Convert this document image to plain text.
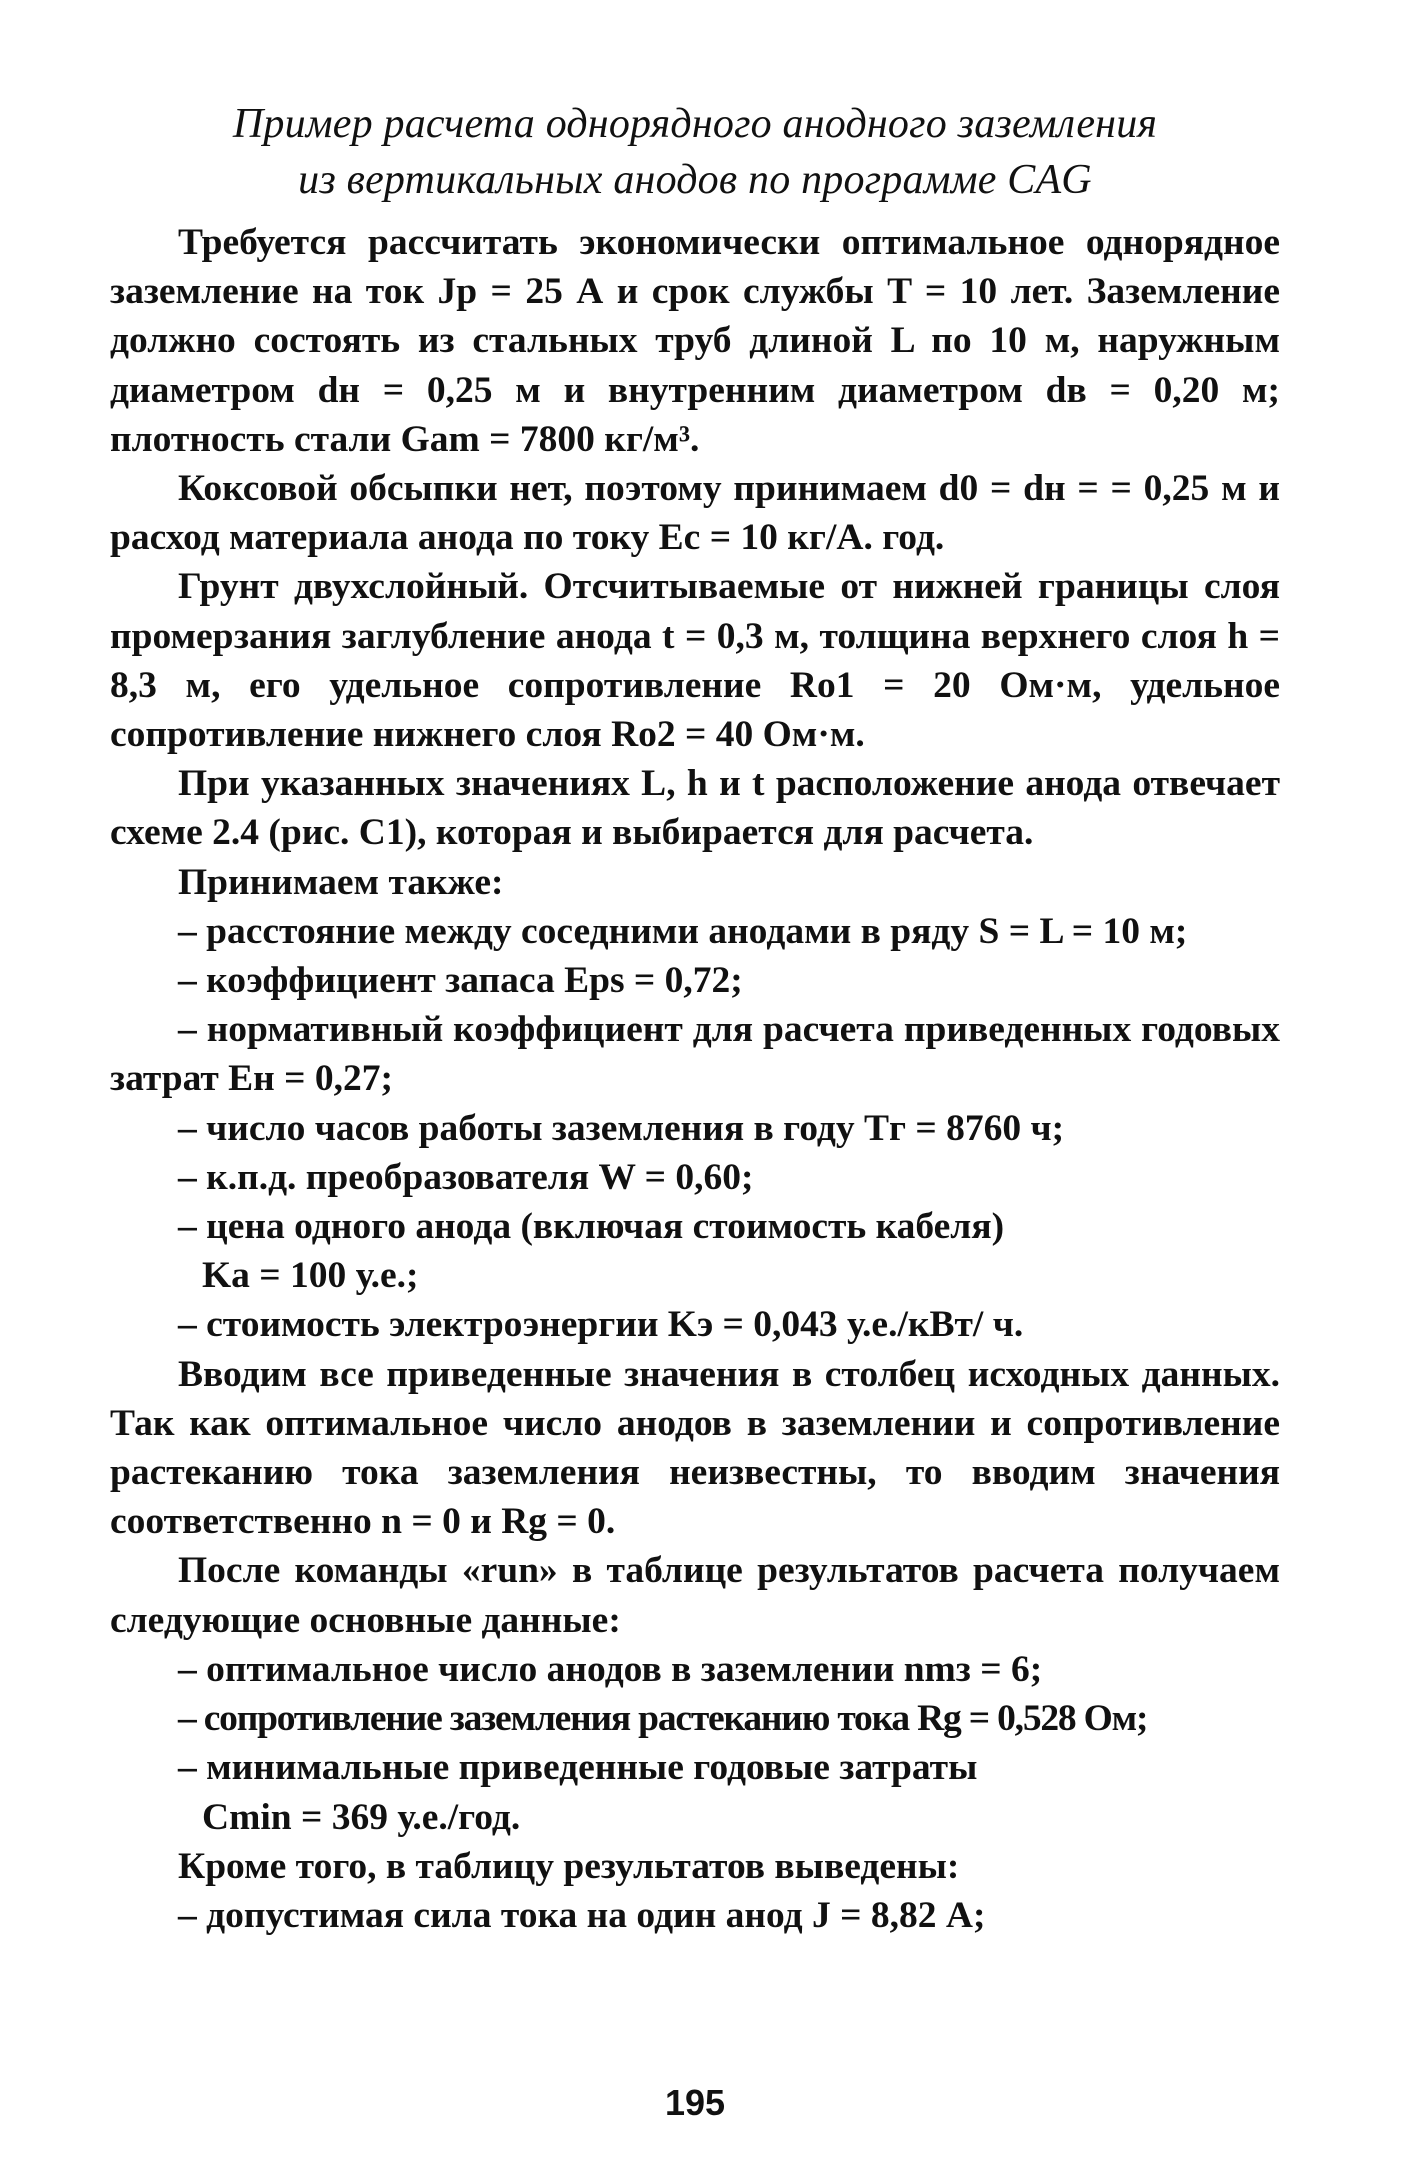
Пример расчета однорядного анодного заземления
из вертикальных анодов по программе CAG

Требуется рассчитать экономически оптимальное однорядное заземление на ток Jp = 25 А и срок службы T = 10 лет. Заземление должно состоять из стальных труб длиной L по 10 м, наружным диаметром dн = 0,25 м и внутренним диаметром dв = 0,20 м; плотность стали Gam = 7800 кг/м³.

Коксовой обсыпки нет, поэтому принимаем d0 = dн = = 0,25 м и расход материала анода по току Ec = 10 кг/А. год.

Грунт двухслойный. Отсчитываемые от нижней границы слоя промерзания заглубление анода t = 0,3 м, толщина верхнего слоя h = 8,3 м, его удельное сопротивление Ro1 = 20 Ом·м, удельное сопротивление нижнего слоя Ro2 = 40 Ом·м.

При указанных значениях L, h и t расположение анода отвечает схеме 2.4 (рис. С1), которая и выбирается для расчета.

Принимаем также:

– расстояние между соседними анодами в ряду S = L = 10 м;

– коэффициент запаса Eps = 0,72;

– нормативный коэффициент для расчета приведенных годовых затрат Eн = 0,27;

– число часов работы заземления в году Tг = 8760 ч;

– к.п.д. преобразователя W = 0,60;

– цена одного анода (включая стоимость кабеля)

Ka = 100 у.е.;

– стоимость электроэнергии Kэ = 0,043 у.е./кВт/ ч.

Вводим все приведенные значения в столбец исходных данных. Так как оптимальное число анодов в заземлении и сопротивление растеканию тока заземления неизвестны, то вводим значения соответственно n = 0 и Rg = 0.

После команды «run» в таблице результатов расчета получаем следующие основные данные:

– оптимальное число анодов в заземлении nmз = 6;

– сопротивление заземления растеканию тока Rg = 0,528 Ом;

– минимальные приведенные годовые затраты

Cmin = 369 у.е./год.

Кроме того, в таблицу результатов выведены:

– допустимая сила тока на один анод J = 8,82 А;

195
